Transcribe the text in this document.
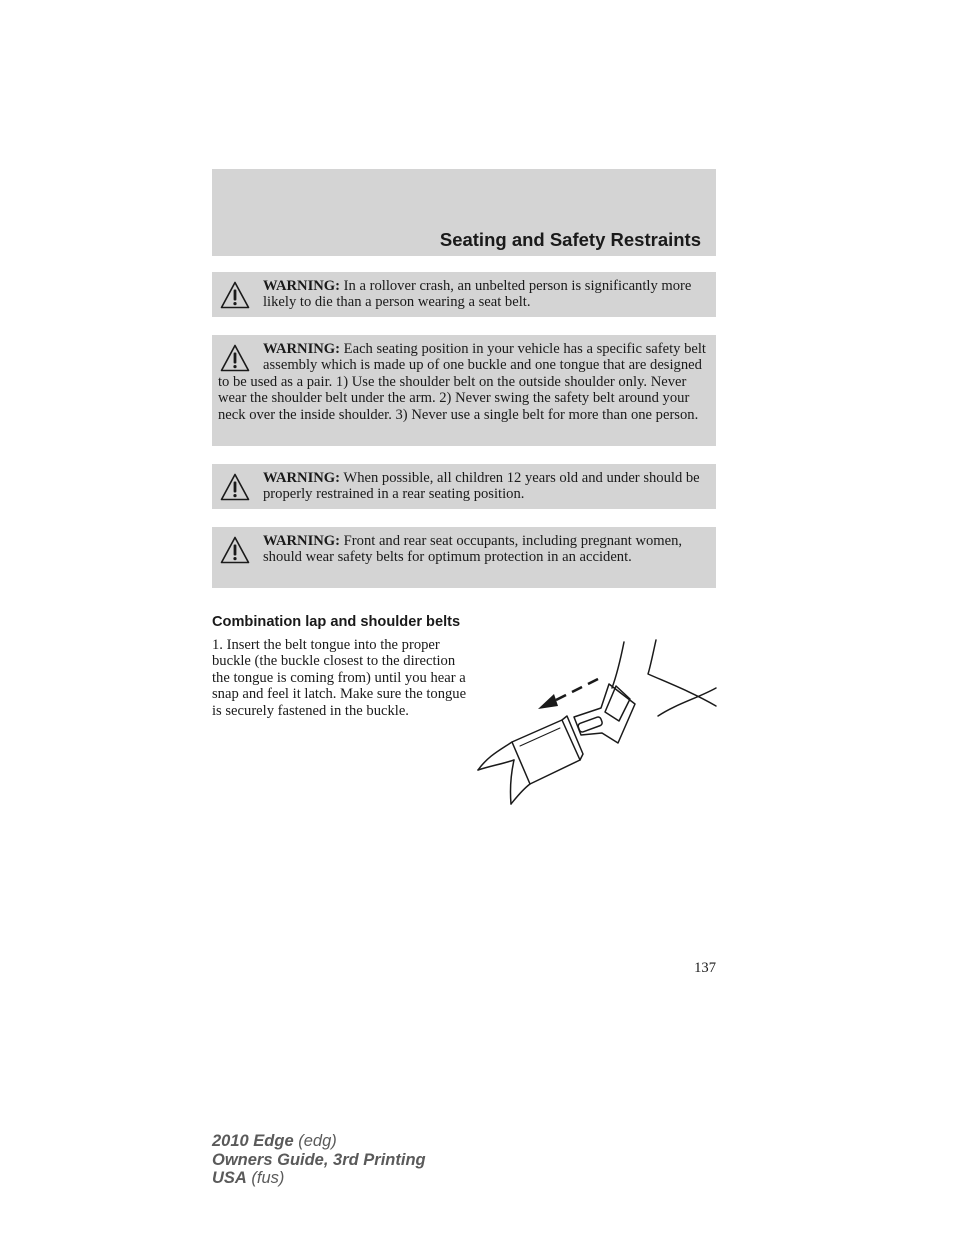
Seating and Safety Restraints
WARNING: In a rollover crash, an unbelted person is significantly more likely to die than a person wearing a seat belt.
WARNING: Each seating position in your vehicle has a specific safety belt assembly which is made up of one buckle and one tongue that are designed to be used as a pair. 1) Use the shoulder belt on the outside shoulder only. Never wear the shoulder belt under the arm. 2) Never swing the safety belt around your neck over the inside shoulder. 3) Never use a single belt for more than one person.
WARNING: When possible, all children 12 years old and under should be properly restrained in a rear seating position.
WARNING: Front and rear seat occupants, including pregnant women, should wear safety belts for optimum protection in an accident.
Combination lap and shoulder belts

1. Insert the belt tongue into the proper buckle (the buckle closest to the direction the tongue is coming from) until you hear a snap and feel it latch. Make sure the tongue is securely fastened in the buckle.

137

2010 Edge (edg)
Owners Guide, 3rd Printing
USA (fus)
